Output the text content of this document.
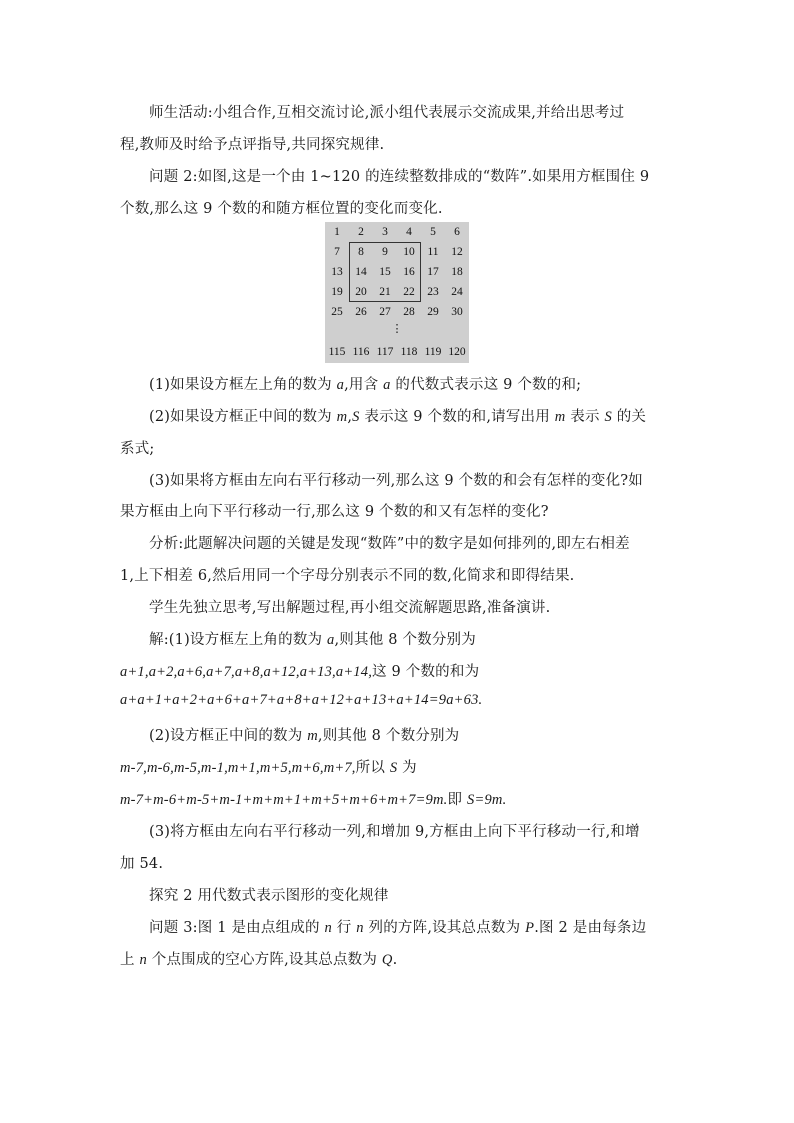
师生活动:小组合作,互相交流讨论,派小组代表展示交流成果,并给出思考过
程,教师及时给予点评指导,共同探究规律.
问题 2:如图,这是一个由 1~120 的连续整数排成的“数阵”.如果用方框围住 9
个数,那么这 9 个数的和随方框位置的变化而变化.
1	2	3	4	5	6
7	8	9	10	11	12
13	14	15	16	17	18
19	20	21	22	23	24
25	26	27	28	29	30
115 116 117 118 119 120
⋮
(1)如果设方框左上角的数为 a,用含 a 的代数式表示这 9 个数的和;
(2)如果设方框正中间的数为 m,S 表示这 9 个数的和,请写出用 m 表示 S 的关
系式;
(3)如果将方框由左向右平行移动一列,那么这 9 个数的和会有怎样的变化?如
果方框由上向下平行移动一行,那么这 9 个数的和又有怎样的变化?
分析:此题解决问题的关键是发现“数阵”中的数字是如何排列的,即左右相差
1,上下相差 6,然后用同一个字母分别表示不同的数,化简求和即得结果.
学生先独立思考,写出解题过程,再小组交流解题思路,准备演讲.
解:(1)设方框左上角的数为 a,则其他 8 个数分别为
a+1,a+2,a+6,a+7,a+8,a+12,a+13,a+14,这 9 个数的和为
a+a+1+a+2+a+6+a+7+a+8+a+12+a+13+a+14=9a+63.
(2)设方框正中间的数为 m,则其他 8 个数分别为
m-7,m-6,m-5,m-1,m+1,m+5,m+6,m+7,所以 S 为
m-7+m-6+m-5+m-1+m+m+1+m+5+m+6+m+7=9m.即 S=9m.
(3)将方框由左向右平行移动一列,和增加 9,方框由上向下平行移动一行,和增
加 54.
探究 2 用代数式表示图形的变化规律
问题 3:图 1 是由点组成的 n 行 n 列的方阵,设其总点数为 P.图 2 是由每条边
上 n 个点围成的空心方阵,设其总点数为 Q.
